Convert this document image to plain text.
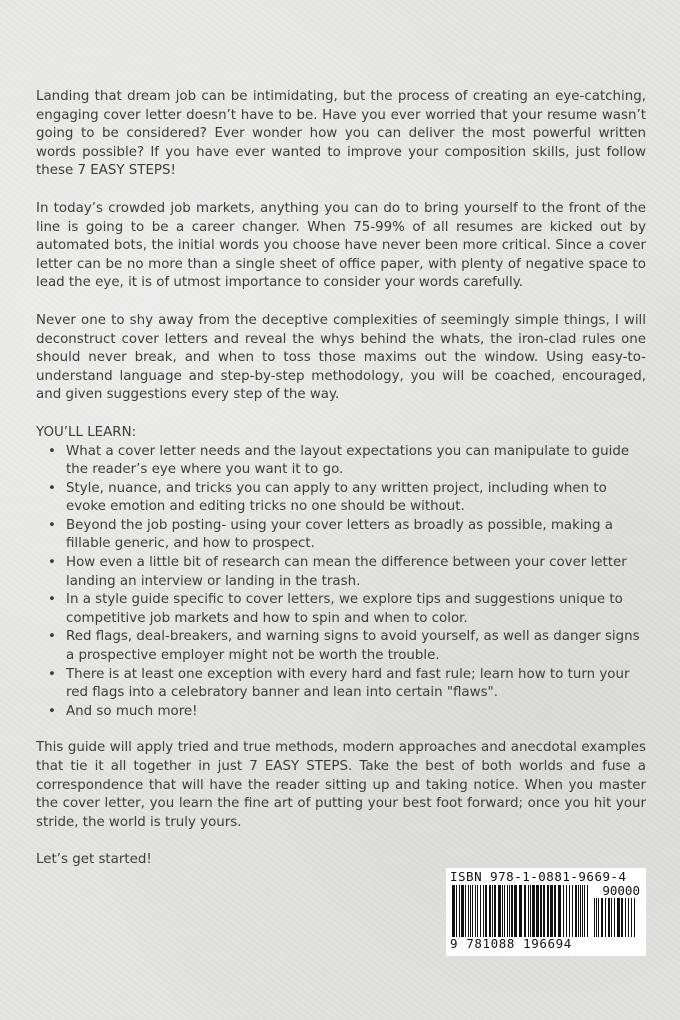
Landing that dream job can be intimidating, but the process of creating an eye-catching, engaging cover letter doesn’t have to be. Have you ever worried that your resume wasn’t going to be considered? Ever wonder how you can deliver the most powerful written words possible? If you have ever wanted to improve your composition skills, just follow these 7 EASY STEPS!

In today’s crowded job markets, anything you can do to bring yourself to the front of the line is going to be a career changer. When 75-99% of all resumes are kicked out by automated bots, the initial words you choose have never been more critical. Since a cover letter can be no more than a single sheet of office paper, with plenty of negative space to lead the eye, it is of utmost importance to consider your words carefully.

Never one to shy away from the deceptive complexities of seemingly simple things, I will deconstruct cover letters and reveal the whys behind the whats, the iron-clad rules one should never break, and when to toss those maxims out the window. Using easy-to-understand language and step-by-step methodology, you will be coached, encouraged, and given suggestions every step of the way.

YOU’LL LEARN:

• What a cover letter needs and the layout expectations you can manipulate to guide the reader’s eye where you want it to go.
• Style, nuance, and tricks you can apply to any written project, including when to evoke emotion and editing tricks no one should be without.
• Beyond the job posting- using your cover letters as broadly as possible, making a fillable generic, and how to prospect.
• How even a little bit of research can mean the difference between your cover letter landing an interview or landing in the trash.
• In a style guide specific to cover letters, we explore tips and suggestions unique to competitive job markets and how to spin and when to color.
• Red flags, deal-breakers, and warning signs to avoid yourself, as well as danger signs a prospective employer might not be worth the trouble.
• There is at least one exception with every hard and fast rule; learn how to turn your red flags into a celebratory banner and lean into certain "flaws".
• And so much more!

This guide will apply tried and true methods, modern approaches and anecdotal examples that tie it all together in just 7 EASY STEPS. Take the best of both worlds and fuse a correspondence that will have the reader sitting up and taking notice. When you master the cover letter, you learn the fine art of putting your best foot forward; once you hit your stride, the world is truly yours.

Let’s get started!

ISBN 978-1-0881-9669-4
90000
9 781088 196694
